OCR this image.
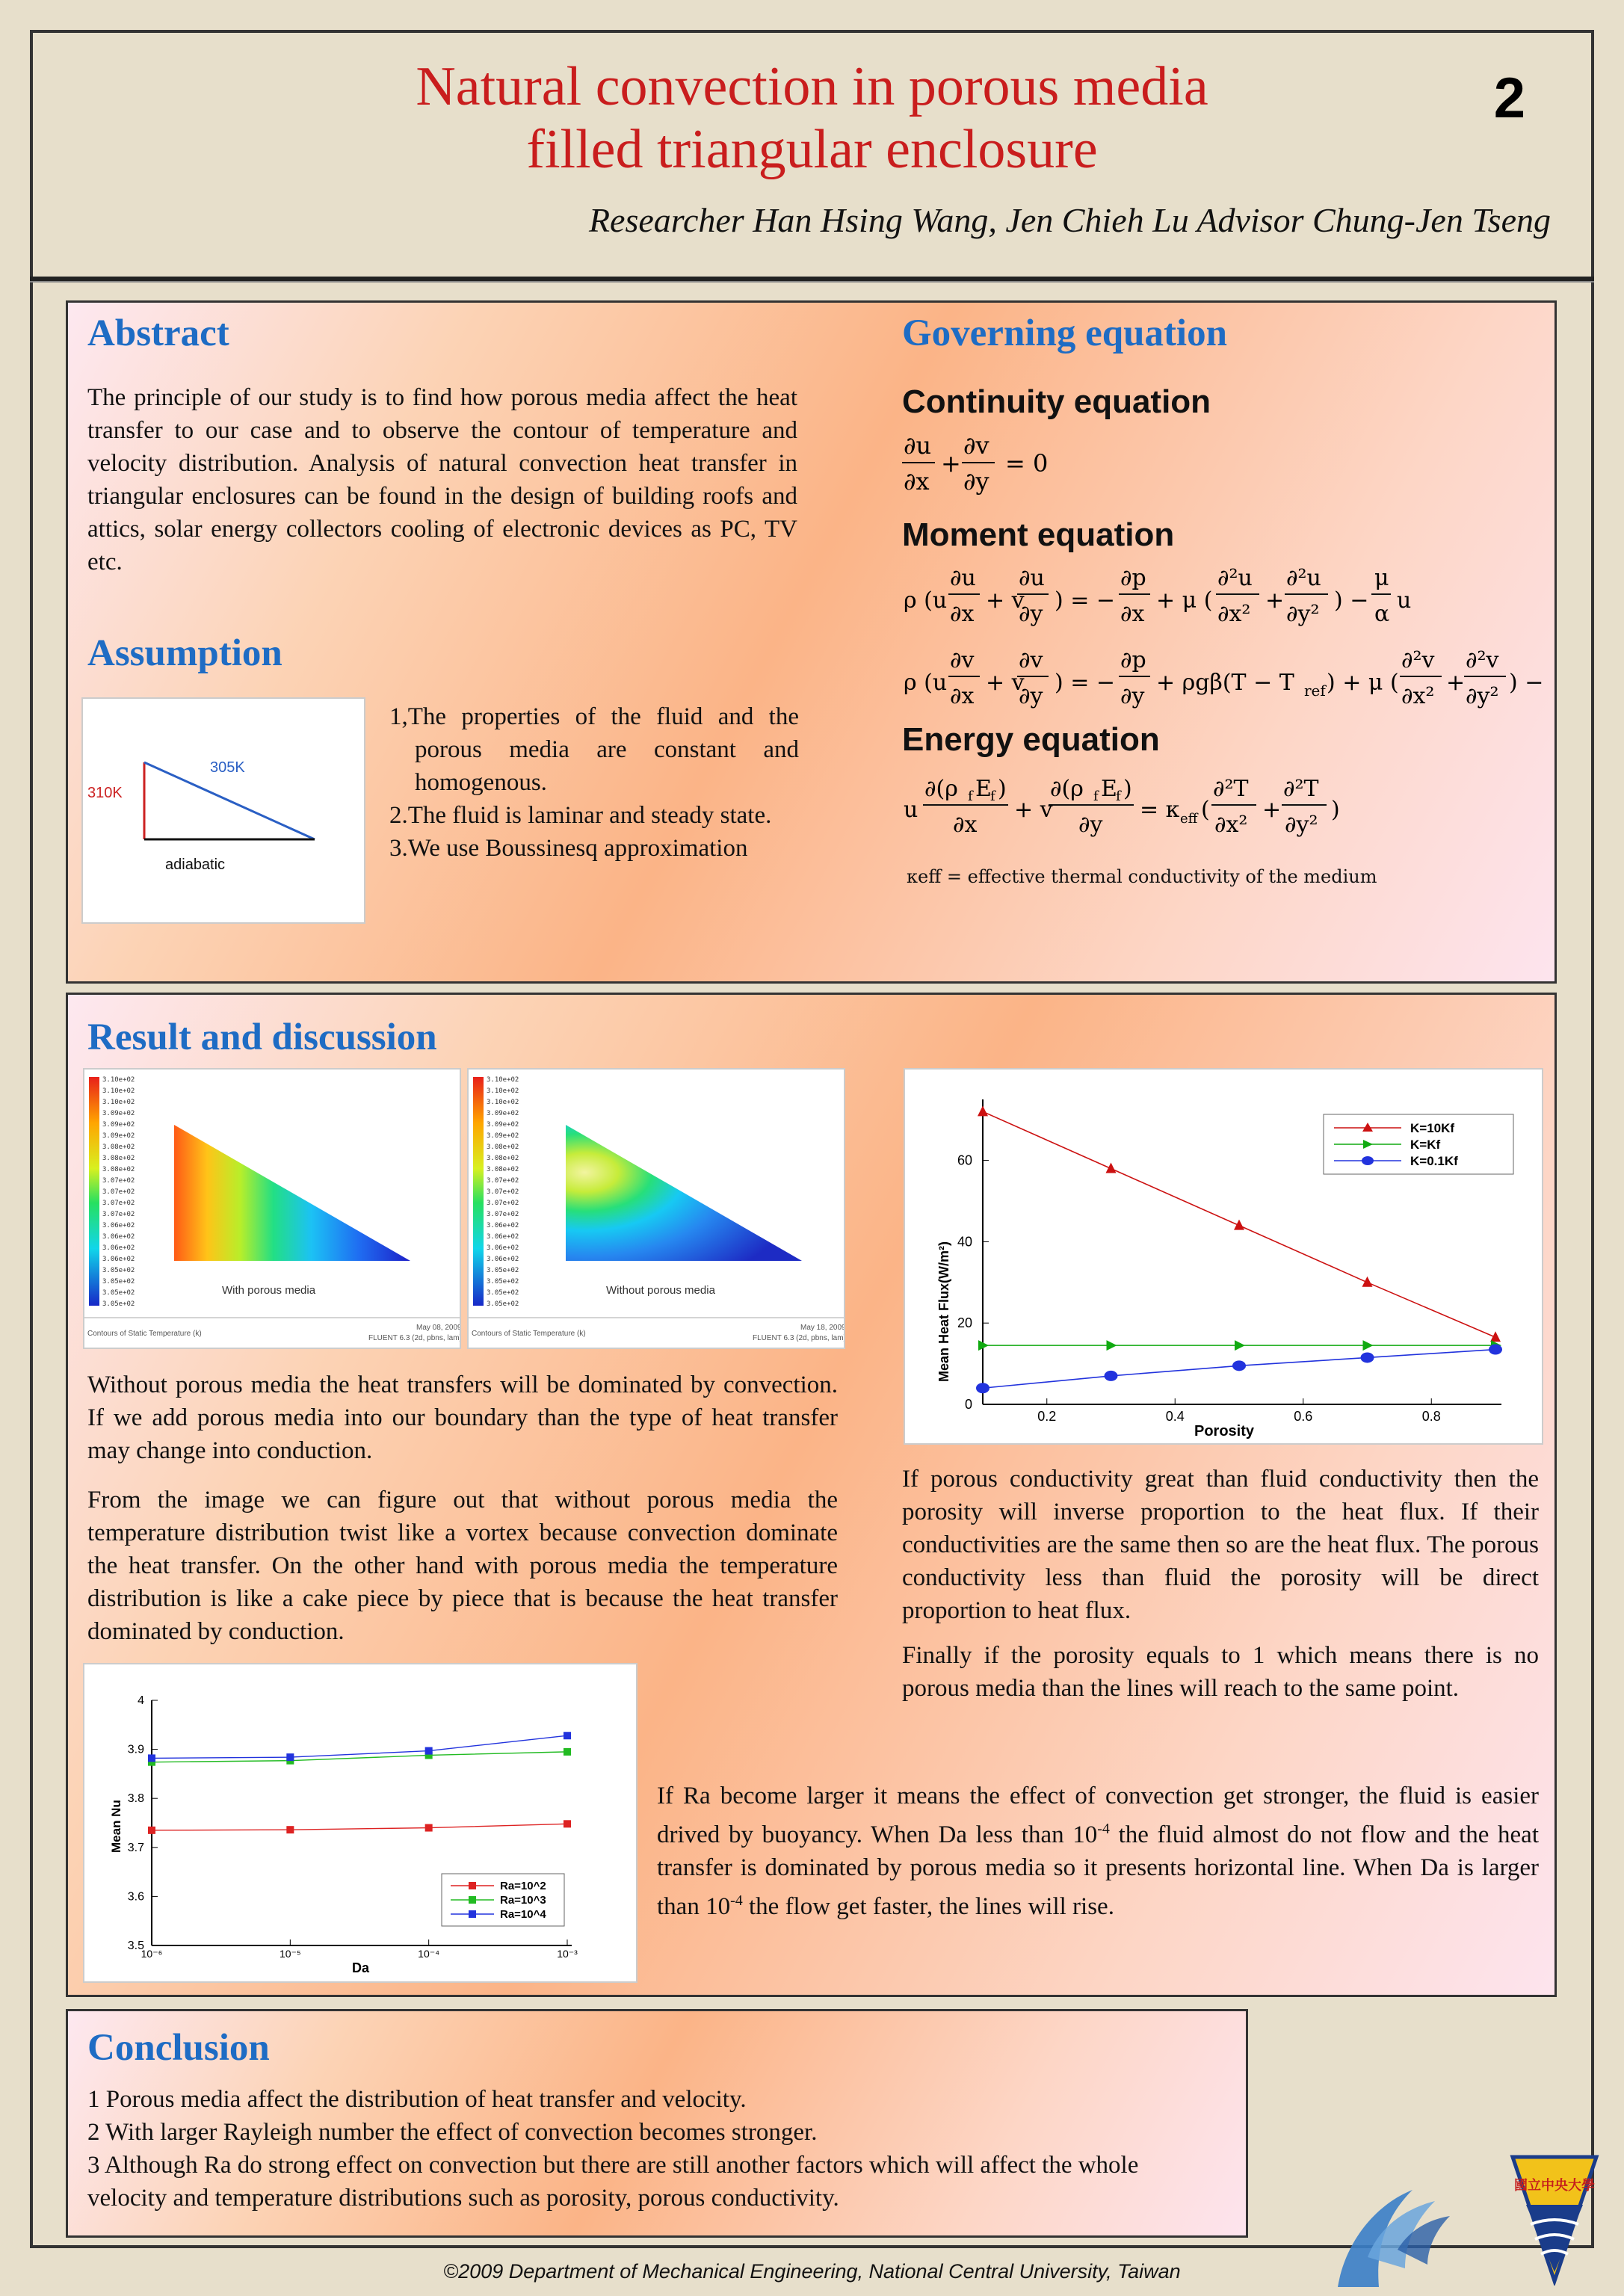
Natural convection in porous media
filled triangular enclosure
2
Researcher Han Hsing Wang, Jen Chieh Lu Advisor Chung-Jen Tseng
Abstract
The principle of our study is to find how porous media affect the heat transfer to our case and to observe the contour of temperature and velocity distribution. Analysis of natural convection heat transfer in triangular enclosures can be found in the design of building roofs and attics, solar energy collectors cooling of electronic devices as PC, TV etc.
Assumption
310K
305K
adiabatic

1,The properties of the fluid and the porous media are constant and homogenous.

2.The fluid is laminar and steady state.

3.We use Boussinesq approximation

Governing equation
Continuity equation
∂u
∂x
+
∂v
∂y
= 0
Moment equation
ρ (u
∂u
∂x
+ v
∂u
∂y
) = −
∂p
∂x
+ μ (
∂²u
∂x²
+
∂²u
∂y²
) −
μ
α
u
ρ (u
∂v
∂x
+ v
∂v
∂y
) = −
∂p
∂y
+ ρgβ(T − T ref ) + μ (
∂²v
∂x²
+
∂²v
∂y²
) −
Energy equation
u
∂(ρ f E
f )
∂x
+ v
∂(ρ f E
f )
∂y
= κ eff (
∂²T
∂x²
+
∂²T
∂y²
)
κeff = effective thermal conductivity of the medium
Result and discussion
3.10e+02
3.10e+02
3.10e+02
3.09e+02
3.09e+02
3.09e+02
3.08e+02
3.08e+02
3.08e+02
3.07e+02
3.07e+02
3.07e+02
3.07e+02
3.06e+02
3.06e+02
3.06e+02
3.06e+02
3.05e+02
3.05e+02
3.05e+02
3.05e+02
With porous media
Contours of Static Temperature (k)
May 08, 2009
FLUENT 6.3 (2d, pbns, lam)
3.10e+02
3.10e+02
3.10e+02
3.09e+02
3.09e+02
3.09e+02
3.08e+02
3.08e+02
3.08e+02
3.07e+02
3.07e+02
3.07e+02
3.07e+02
3.06e+02
3.06e+02
3.06e+02
3.06e+02
3.05e+02
3.05e+02
3.05e+02
3.05e+02
Without porous media
Contours of Static Temperature (k)
May 18, 2009
FLUENT 6.3 (2d, pbns, lam)
Without porous media the heat transfers will be dominated by convection. If we add porous media into our boundary than the type of heat transfer may change into conduction.
From the image we can figure out that without porous media the temperature distribution twist like a vortex because convection dominate the heat transfer. On the other hand with porous media the temperature distribution is like a cake piece by piece that is because the heat transfer dominated by conduction.
0
20
40
60
0.2	0.4	0.6	0.8
Porosity
Mean Heat Flux(W/m²)
K=10Kf
K=Kf
K=0.1Kf
If porous conductivity great than fluid conductivity then the porosity will inverse proportion to the heat flux. If their conductivities are the same then so are the heat flux. The porous conductivity less than fluid the porosity will be direct proportion to heat flux.
Finally if the porosity equals to 1 which means there is no porous media than the lines will reach to the same point.
3.5
3.6
3.7
3.8
3.9
4
10⁻⁶	10⁻⁵	10⁻⁴	10⁻³
Da
Mean Nu
Ra=10^2
Ra=10^3
Ra=10^4
If Ra become larger it means the effect of convection get stronger, the fluid is easier drived by buoyancy. When Da less than $10^{-4}$ the fluid almost do not flow and the heat transfer is dominated by porous media so it presents horizontal line. When Da is larger than $10^{-4}$ the flow get faster, the lines will rise.
Conclusion

1 Porous media affect the distribution of heat transfer and velocity.

2 With larger Rayleigh number the effect of convection becomes stronger.

3 Although Ra do strong effect on convection but there are still another factors which will affect the whole velocity and temperature distributions such as porosity, porous conductivity.	國立中央大學
©2009 Department of Mechanical Engineering, National Central University, Taiwan
